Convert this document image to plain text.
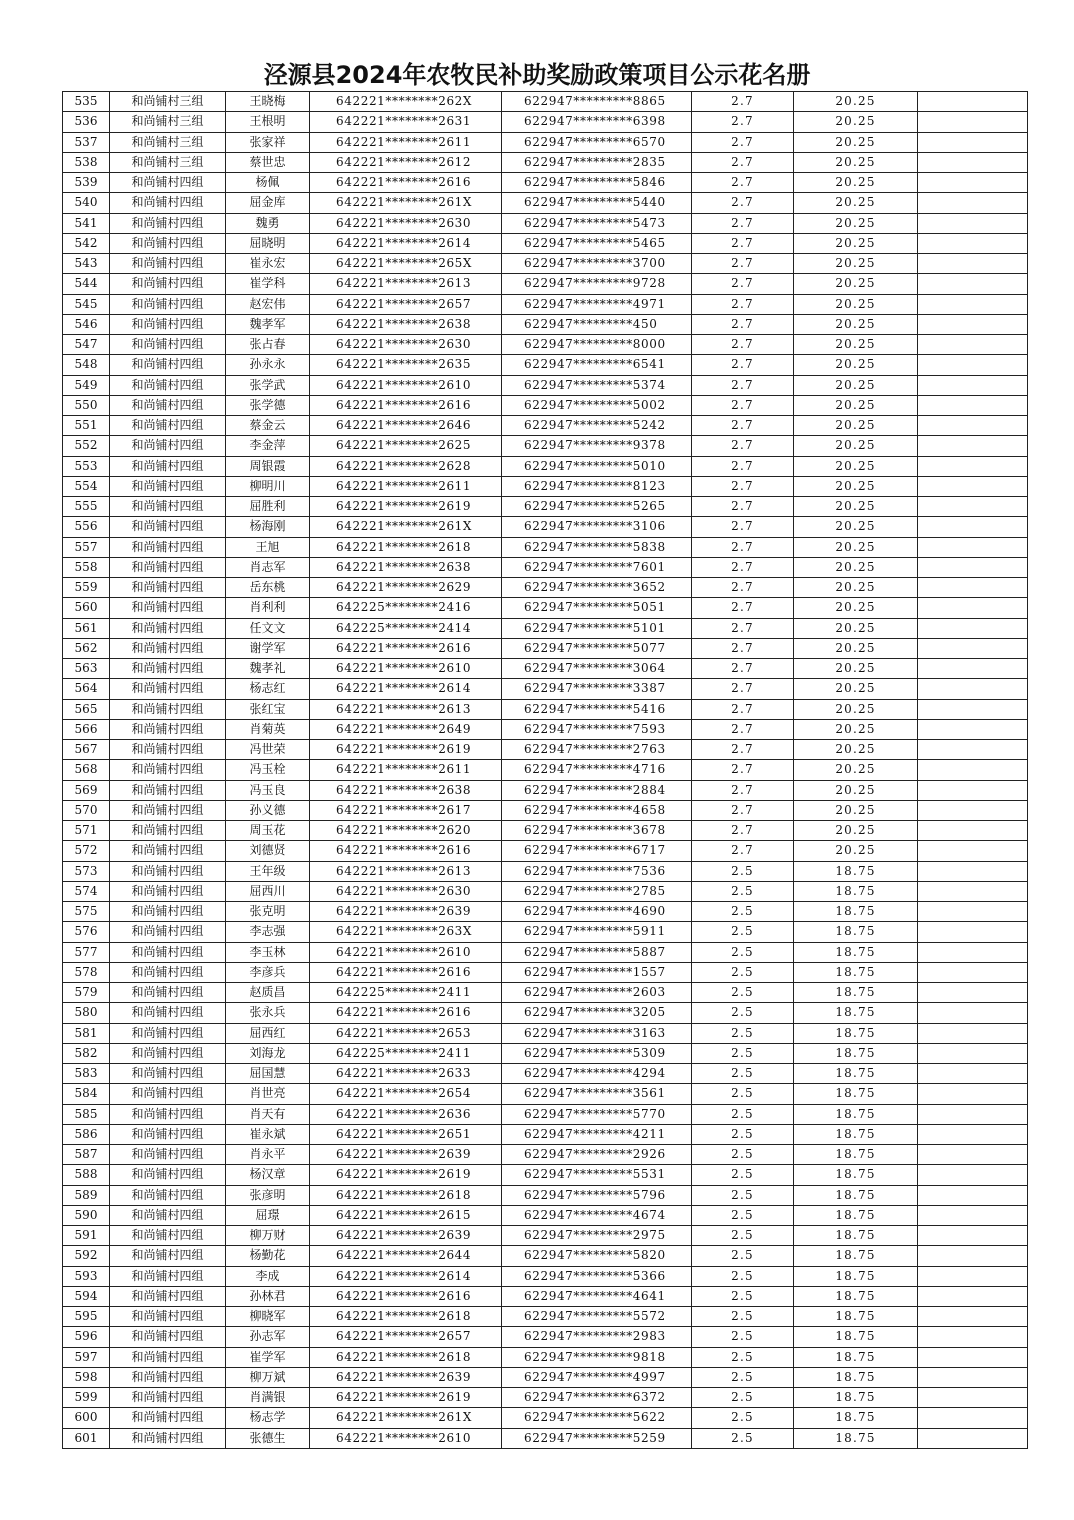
泾源县2024年农牧民补助奖励政策项目公示花名册
535	和尚铺村三组	王晓梅	642221********262X	622947*********8865	2.7	20.25	
536	和尚铺村三组	王根明	642221********2631	622947*********6398	2.7	20.25	
537	和尚铺村三组	张家祥	642221********2611	622947*********6570	2.7	20.25	
538	和尚铺村三组	蔡世忠	642221********2612	622947*********2835	2.7	20.25	
539	和尚铺村四组	杨佩	642221********2616	622947*********5846	2.7	20.25	
540	和尚铺村四组	屈金库	642221********261X	622947*********5440	2.7	20.25	
541	和尚铺村四组	魏勇	642221********2630	622947*********5473	2.7	20.25	
542	和尚铺村四组	屈晓明	642221********2614	622947*********5465	2.7	20.25	
543	和尚铺村四组	崔永宏	642221********265X	622947*********3700	2.7	20.25	
544	和尚铺村四组	崔学科	642221********2613	622947*********9728	2.7	20.25	
545	和尚铺村四组	赵宏伟	642221********2657	622947*********4971	2.7	20.25	
546	和尚铺村四组	魏孝军	642221********2638	622947*********450	2.7	20.25	
547	和尚铺村四组	张占春	642221********2630	622947*********8000	2.7	20.25	
548	和尚铺村四组	孙永永	642221********2635	622947*********6541	2.7	20.25	
549	和尚铺村四组	张学武	642221********2610	622947*********5374	2.7	20.25	
550	和尚铺村四组	张学德	642221********2616	622947*********5002	2.7	20.25	
551	和尚铺村四组	蔡金云	642221********2646	622947*********5242	2.7	20.25	
552	和尚铺村四组	李金萍	642221********2625	622947*********9378	2.7	20.25	
553	和尚铺村四组	周银霞	642221********2628	622947*********5010	2.7	20.25	
554	和尚铺村四组	柳明川	642221********2611	622947*********8123	2.7	20.25	
555	和尚铺村四组	屈胜利	642221********2619	622947*********5265	2.7	20.25	
556	和尚铺村四组	杨海刚	642221********261X	622947*********3106	2.7	20.25	
557	和尚铺村四组	王旭	642221********2618	622947*********5838	2.7	20.25	
558	和尚铺村四组	肖志军	642221********2638	622947*********7601	2.7	20.25	
559	和尚铺村四组	岳东桃	642221********2629	622947*********3652	2.7	20.25	
560	和尚铺村四组	肖利利	642225********2416	622947*********5051	2.7	20.25	
561	和尚铺村四组	任文文	642225********2414	622947*********5101	2.7	20.25	
562	和尚铺村四组	谢学军	642221********2616	622947*********5077	2.7	20.25	
563	和尚铺村四组	魏孝礼	642221********2610	622947*********3064	2.7	20.25	
564	和尚铺村四组	杨志红	642221********2614	622947*********3387	2.7	20.25	
565	和尚铺村四组	张红宝	642221********2613	622947*********5416	2.7	20.25	
566	和尚铺村四组	肖菊英	642221********2649	622947*********7593	2.7	20.25	
567	和尚铺村四组	冯世荣	642221********2619	622947*********2763	2.7	20.25	
568	和尚铺村四组	冯玉栓	642221********2611	622947*********4716	2.7	20.25	
569	和尚铺村四组	冯玉良	642221********2638	622947*********2884	2.7	20.25	
570	和尚铺村四组	孙义德	642221********2617	622947*********4658	2.7	20.25	
571	和尚铺村四组	周玉花	642221********2620	622947*********3678	2.7	20.25	
572	和尚铺村四组	刘德贤	642221********2616	622947*********6717	2.7	20.25	
573	和尚铺村四组	王年级	642221********2613	622947*********7536	2.5	18.75	
574	和尚铺村四组	屈西川	642221********2630	622947*********2785	2.5	18.75	
575	和尚铺村四组	张克明	642221********2639	622947*********4690	2.5	18.75	
576	和尚铺村四组	李志强	642221********263X	622947*********5911	2.5	18.75	
577	和尚铺村四组	李玉林	642221********2610	622947*********5887	2.5	18.75	
578	和尚铺村四组	李彦兵	642221********2616	622947*********1557	2.5	18.75	
579	和尚铺村四组	赵质昌	642225********2411	622947*********2603	2.5	18.75	
580	和尚铺村四组	张永兵	642221********2616	622947*********3205	2.5	18.75	
581	和尚铺村四组	屈西红	642221********2653	622947*********3163	2.5	18.75	
582	和尚铺村四组	刘海龙	642225********2411	622947*********5309	2.5	18.75	
583	和尚铺村四组	屈国慧	642221********2633	622947*********4294	2.5	18.75	
584	和尚铺村四组	肖世亮	642221********2654	622947*********3561	2.5	18.75	
585	和尚铺村四组	肖天有	642221********2636	622947*********5770	2.5	18.75	
586	和尚铺村四组	崔永斌	642221********2651	622947*********4211	2.5	18.75	
587	和尚铺村四组	肖永平	642221********2639	622947*********2926	2.5	18.75	
588	和尚铺村四组	杨汉章	642221********2619	622947*********5531	2.5	18.75	
589	和尚铺村四组	张彦明	642221********2618	622947*********5796	2.5	18.75	
590	和尚铺村四组	屈璟	642221********2615	622947*********4674	2.5	18.75	
591	和尚铺村四组	柳万财	642221********2639	622947*********2975	2.5	18.75	
592	和尚铺村四组	杨勤花	642221********2644	622947*********5820	2.5	18.75	
593	和尚铺村四组	李成	642221********2614	622947*********5366	2.5	18.75	
594	和尚铺村四组	孙林君	642221********2616	622947*********4641	2.5	18.75	
595	和尚铺村四组	柳晓军	642221********2618	622947*********5572	2.5	18.75	
596	和尚铺村四组	孙志军	642221********2657	622947*********2983	2.5	18.75	
597	和尚铺村四组	崔学军	642221********2618	622947*********9818	2.5	18.75	
598	和尚铺村四组	柳万斌	642221********2639	622947*********4997	2.5	18.75	
599	和尚铺村四组	肖满银	642221********2619	622947*********6372	2.5	18.75	
600	和尚铺村四组	杨志学	642221********261X	622947*********5622	2.5	18.75	
601	和尚铺村四组	张德生	642221********2610	622947*********5259	2.5	18.75	
